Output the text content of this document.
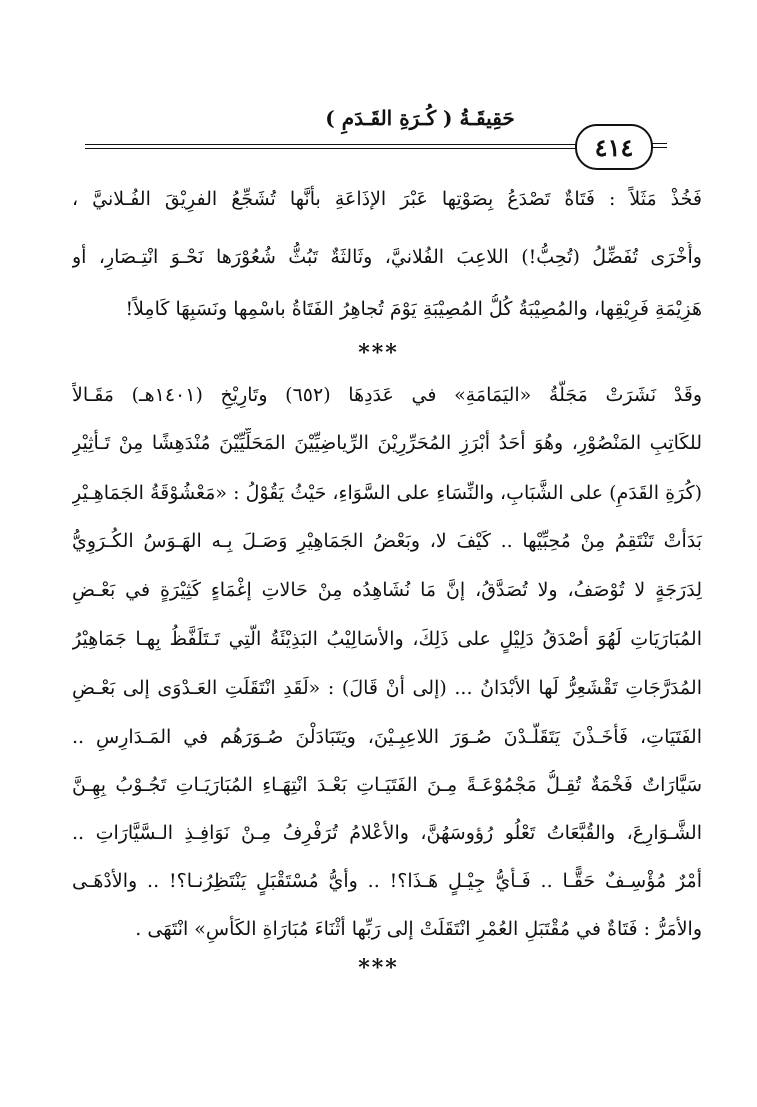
حَقِيقَـةُ ( كُـرَةِ القَـدَمِ )
٤١٤
فَخُذْ مَثَلاً : فَتَاةٌ تَصْدَعُ بِصَوْتِها عَبْرَ الإذَاعَةِ بأنَّها تُشَجِّعُ الفرِيْقَ الفُـلانيَّ ،
وأُخْرَى تُفَضِّلُ (تُحِبُّ!) اللاعِبَ الفُلانيَّ، وثَالثَةٌ تَبُثُّ شُعُوْرَها نَحْـوَ انْتِـصَارِ، أو
هَزِيْمَةِ فَرِيْقِها، والمُصِيْبَةُ كُلُّ المُصِيْبَةِ يَوْمَ تُجاهِرُ الفَتَاةُ باسْمِها ونَسَبِهَا كَامِلاً!
***
وقَدْ نَشَرَتْ مَجَلَّةُ «اليَمَامَةِ» في عَدَدِهَا (٦٥٢) وتَارِيْخِ (١٤٠١هـ) مَقَـالاً
للكَاتِبِ المَنْصُوْرِ، وهُوَ أحَدُ أبْرَزِ المُحَرِّرِيْنَ الرِّياضِيِّيْنَ المَحَلِّيِّيْنَ مُنْدَهِشًا مِنْ تَـأثِيْرِ
(كُرَةِ القَدَمِ) على الشَّبَابِ، والنِّسَاءِ على السَّوَاءِ، حَيْثُ يَقُوْلُ : «مَعْشُوْقَةُ الجَمَاهِـيْرِ
بَدَأتْ تَنْتَقِمُ مِنْ مُحِبِّيْها .. كَيْفَ لا، وبَعْضُ الجَمَاهِيْرِ وَصَـلَ بِـه الهَـوَسُ الكُـرَوِيُّ
لِدَرَجَةٍ لا تُوْصَفُ، ولا تُصَدَّقُ، إنَّ مَا نُشَاهِدُه مِنْ حَالاتِ إغْمَاءٍ كَثِيْرَةٍ في بَعْـضِ
المُبَارَيَاتِ لَهُوَ أصْدَقُ دَلِيْلٍ على ذَلِكَ، والأسَالِيْبُ البَذِيْئَةُ الَّتِي تَـتَلَفَّظُ بِهـا جَمَاهِيْرُ
المُدَرَّجَاتِ تَقْشَعِرُّ لَها الأبْدَانُ ... (إلى أنْ قَالَ) : «لَقَدِ انْتَقَلَتِ العَـدْوَى إلى بَعْـضِ
الفَتَيَاتِ، فَأخَـذْنَ يَتَقَلَّـدْنَ صُـوَرَ اللاعِبِـيْنَ، ويَتَبَادَلْنَ صُـوَرَهُم في المَـدَارِسِ ..
سَيَّارَاتٌ فَخْمَةٌ تُقِـلُّ مَجْمُوْعَـةً مِـنَ الفَتَيَـاتِ بَعْـدَ انْتِهَـاءِ المُبَارَيَـاتِ تَجُـوْبُ بِهِـنَّ
الشَّـوَارِعَ، والقُبَّعَاتُ تَعْلُو رُؤوسَهُنَّ، والأعْلامُ تُرَفْرِفُ مِـنْ نَوَافِـذِ الـسَّيَّارَاتِ ..
أمْرٌ مُؤْسِـفٌ حَقًّـا .. فَـأيُّ جِيْـلٍ هَـذَا؟! .. وأيُّ مُسْتَقْبَلٍ يَنْتَظِرُنـا؟! .. والأدْهَـى
والأمَرُّ : فَتَاةٌ في مُقْتَبَلِ العُمْرِ انْتَقَلَتْ إلى رَبِّها أثْنَاءَ مُبَارَاةِ الكَأسِ» انْتَهَى .
***
